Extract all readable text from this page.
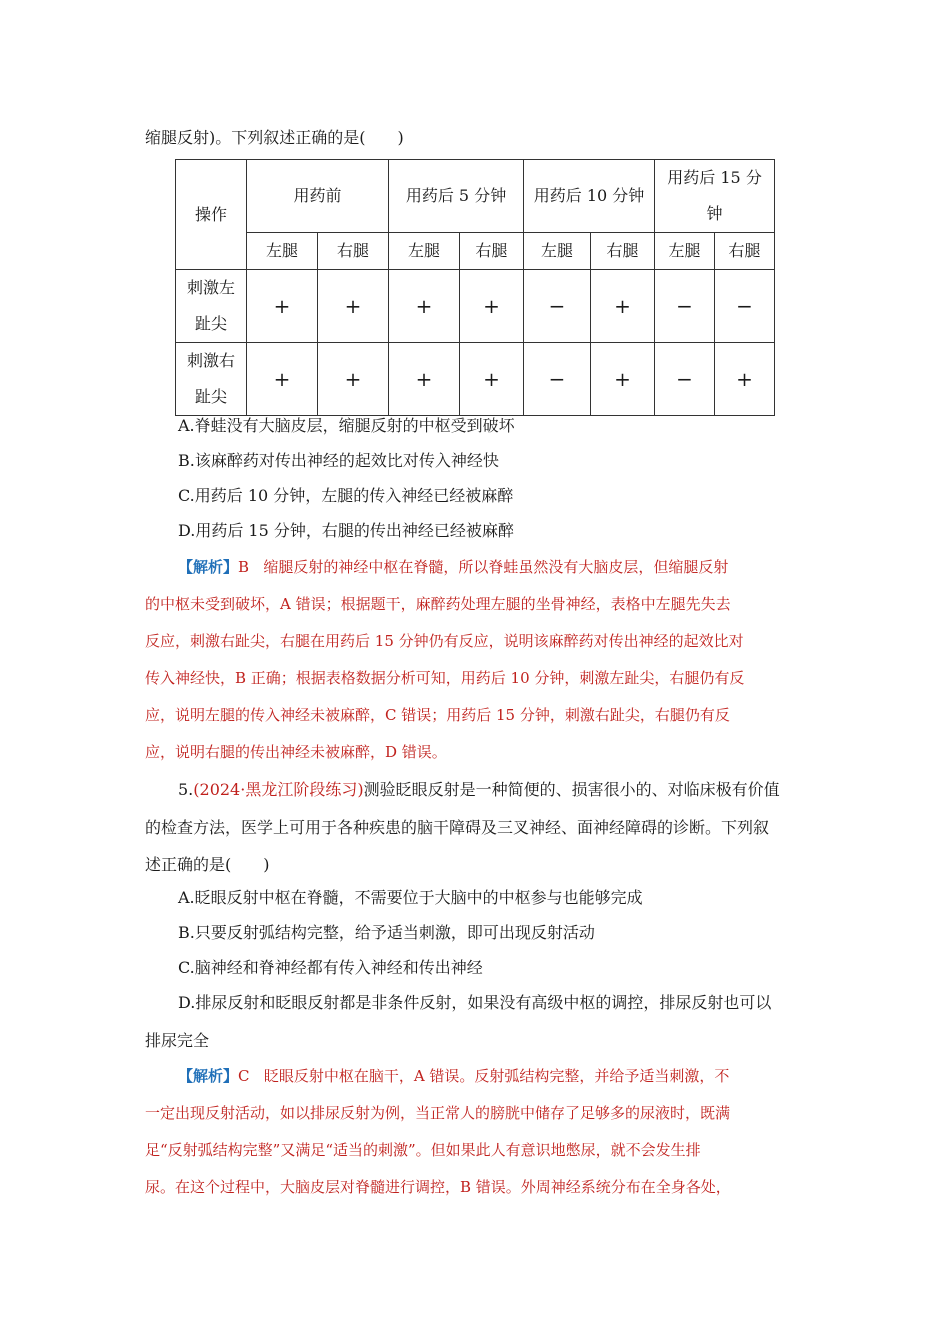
缩腿反射)。下列叙述正确的是(　　)
操作	用药前		用药后 5 分钟		用药后 10 分钟		用药后 15 分钟	
	左腿	右腿	左腿	右腿	左腿	右腿	左腿	右腿
刺激左趾尖	+	+	+	+	−	+	−	−
刺激右趾尖	+	+	+	+	−	+	−	+
A.脊蛙没有大脑皮层，缩腿反射的中枢受到破坏
B.该麻醉药对传出神经的起效比对传入神经快
C.用药后 10 分钟，左腿的传入神经已经被麻醉
D.用药后 15 分钟，右腿的传出神经已经被麻醉
【解析】B 缩腿反射的神经中枢在脊髓，所以脊蛙虽然没有大脑皮层，但缩腿反射
的中枢未受到破坏，A 错误；根据题干，麻醉药处理左腿的坐骨神经，表格中左腿先失去
反应，刺激右趾尖，右腿在用药后 15 分钟仍有反应，说明该麻醉药对传出神经的起效比对
传入神经快，B 正确；根据表格数据分析可知，用药后 10 分钟，刺激左趾尖，右腿仍有反
应，说明左腿的传入神经未被麻醉，C 错误；用药后 15 分钟，刺激右趾尖，右腿仍有反
应，说明右腿的传出神经未被麻醉，D 错误。
5.(2024·黑龙江阶段练习)测验眨眼反射是一种简便的、损害很小的、对临床极有价值
的检查方法，医学上可用于各种疾患的脑干障碍及三叉神经、面神经障碍的诊断。下列叙
述正确的是(　　)
A.眨眼反射中枢在脊髓，不需要位于大脑中的中枢参与也能够完成
B.只要反射弧结构完整，给予适当刺激，即可出现反射活动
C.脑神经和脊神经都有传入神经和传出神经
D.排尿反射和眨眼反射都是非条件反射，如果没有高级中枢的调控，排尿反射也可以
排尿完全
【解析】C 眨眼反射中枢在脑干，A 错误。反射弧结构完整，并给予适当刺激，不
一定出现反射活动，如以排尿反射为例，当正常人的膀胱中储存了足够多的尿液时，既满
足“反射弧结构完整”又满足“适当的刺激”。但如果此人有意识地憋尿，就不会发生排
尿。在这个过程中，大脑皮层对脊髓进行调控，B 错误。外周神经系统分布在全身各处，
